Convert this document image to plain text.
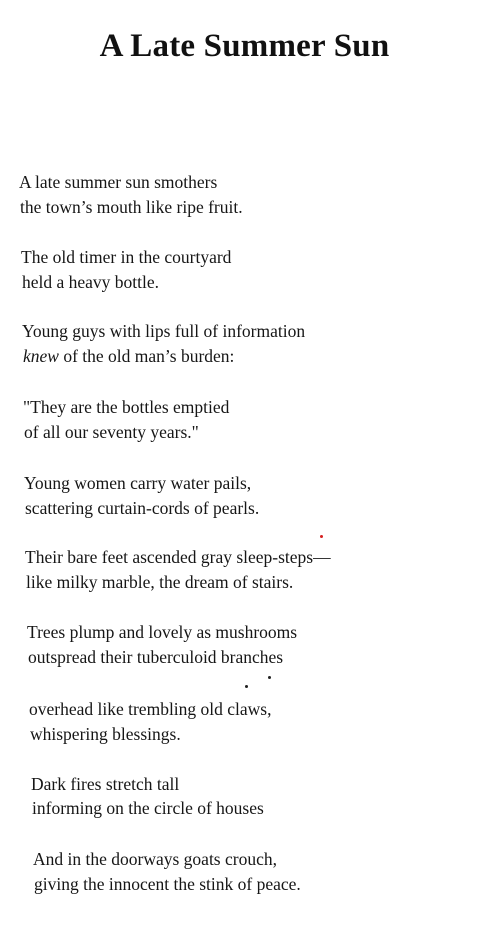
A Late Summer Sun
A late summer sun smothers
the town’s mouth like ripe fruit.
The old timer in the courtyard
held a heavy bottle.
Young guys with lips full of information
knew of the old man’s burden:
"They are the bottles emptied
of all our seventy years."
Young women carry water pails,
scattering curtain-cords of pearls.
Their bare feet ascended gray sleep-steps—
like milky marble, the dream of stairs.
Trees plump and lovely as mushrooms
outspread their tuberculoid branches
overhead like trembling old claws,
whispering blessings.
Dark fires stretch tall
informing on the circle of houses
And in the doorways goats crouch,
giving the innocent the stink of peace.
